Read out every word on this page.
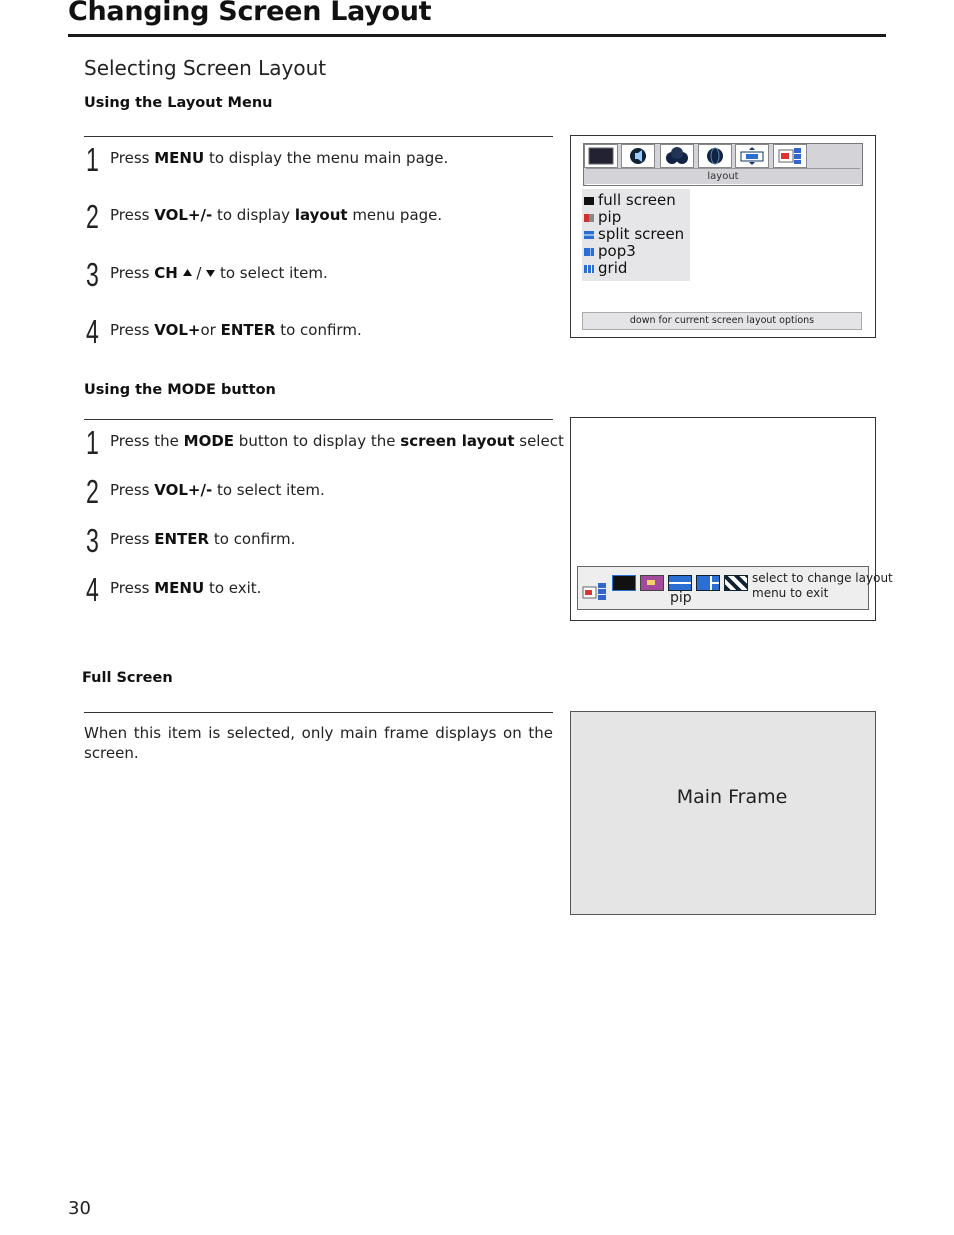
Changing Screen Layout
Selecting Screen Layout
Using the Layout Menu
1 Press MENU to display the menu main page.
2 Press VOL+/- to display layout menu page.
3 Press CH  /  to select item.
4 Press VOL+or ENTER to confirm.
layout
full screen
pip
split screen
pop3
grid
down for current screen layout options
Using the MODE button
1 Press the MODE button to display the screen layout select
2 Press VOL+/- to select item.
3 Press ENTER to confirm.
4 Press MENU to exit.
pip
select to change layout
menu to exit
Full Screen
When this item is selected, only main frame displays on the screen.
Main Frame
30
